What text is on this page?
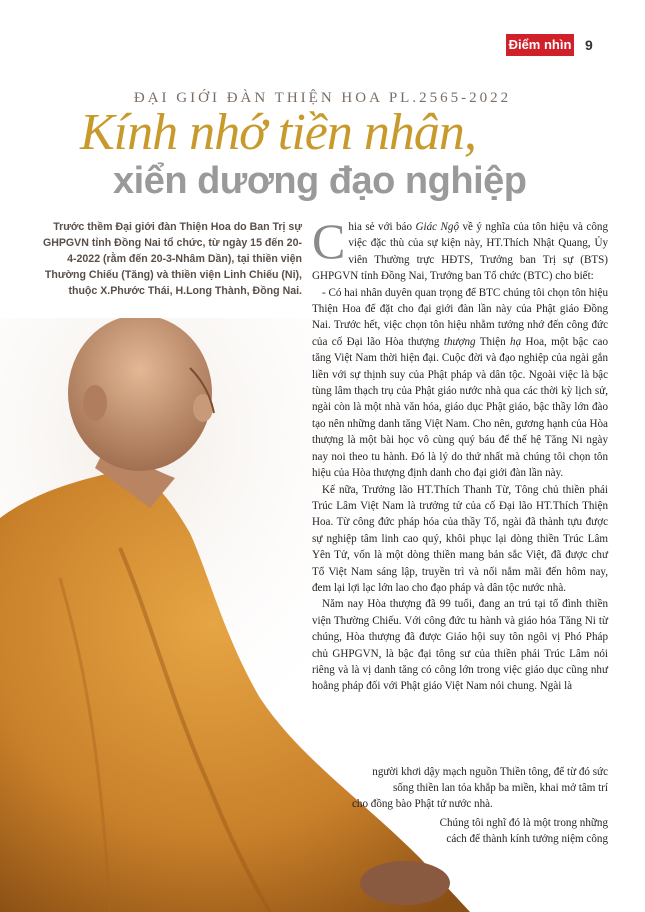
Điểm nhìn 9
ĐẠI GIỚI ĐÀN THIỆN HOA PL.2565-2022
Kính nhớ tiền nhân,
xiển dương đạo nghiệp
Trước thềm Đại giới đàn Thiện Hoa do Ban Trị sự GHPGVN tỉnh Đồng Nai tổ chức, từ ngày 15 đến 20-4-2022 (rằm đến 20-3-Nhâm Dần), tại thiền viện Thường Chiếu (Tăng) và thiền viện Linh Chiếu (Ni), thuộc X.Phước Thái, H.Long Thành, Đồng Nai.

Chia sẻ với báo Giác Ngộ về ý nghĩa của tôn hiệu và công việc đặc thù của sự kiện này, HT.Thích Nhật Quang, Ủy viên Thường trực HĐTS, Trưởng ban Trị sự (BTS) GHPGVN tỉnh Đồng Nai, Trưởng ban Tổ chức (BTC) cho biết:

- Có hai nhân duyên quan trọng để BTC chúng tôi chọn tôn hiệu Thiện Hoa để đặt cho đại giới đàn lần này của Phật giáo Đồng Nai. Trước hết, việc chọn tôn hiệu nhằm tưởng nhớ đến công đức của cố Đại lão Hòa thượng thượng Thiện hạ Hoa, một bậc cao tăng Việt Nam thời hiện đại. Cuộc đời và đạo nghiệp của ngài gắn liền với sự thịnh suy của Phật pháp và dân tộc. Ngoài việc là bậc tùng lâm thạch trụ của Phật giáo nước nhà qua các thời kỳ lịch sử, ngài còn là một nhà văn hóa, giáo dục Phật giáo, bậc thầy lớn đào tạo nên những danh tăng Việt Nam. Cho nên, gương hạnh của Hòa thượng là một bài học vô cùng quý báu để thế hệ Tăng Ni ngày nay noi theo tu hành. Đó là lý do thứ nhất mà chúng tôi chọn tôn hiệu của Hòa thượng định danh cho đại giới đàn lần này.

Kế nữa, Trưởng lão HT.Thích Thanh Từ, Tông chủ thiền phái Trúc Lâm Việt Nam là trưởng tử của cố Đại lão HT.Thích Thiện Hoa. Từ công đức pháp hóa của thầy Tổ, ngài đã thành tựu được sự nghiệp tâm linh cao quý, khôi phục lại dòng thiền Trúc Lâm Yên Tử, vốn là một dòng thiền mang bản sắc Việt, đã được chư Tổ Việt Nam sáng lập, truyền trì và nối nắm mãi đến hôm nay, đem lại lợi lạc lớn lao cho đạo pháp và dân tộc nước nhà.

Năm nay Hòa thượng đã 99 tuổi, đang an trú tại tổ đình thiền viện Thường Chiếu. Với công đức tu hành và giáo hóa Tăng Ni từ chúng, Hòa thượng đã được Giáo hội suy tôn ngôi vị Phó Pháp chủ GHPGVN, là bậc đại tông sư của thiền phái Trúc Lâm nói riêng và là vị danh tăng có công lớn trong việc giáo dục cũng như hoằng pháp đối với Phật giáo Việt Nam nói chung. Ngài là

người khơi dậy mạch nguồn Thiền tông, để từ đó sức
sống thiền lan tỏa khắp ba miền, khai mở tâm trí
cho đồng bào Phật tử nước nhà.
Chúng tôi nghĩ đó là một trong những
cách để thành kính tưởng niệm công
